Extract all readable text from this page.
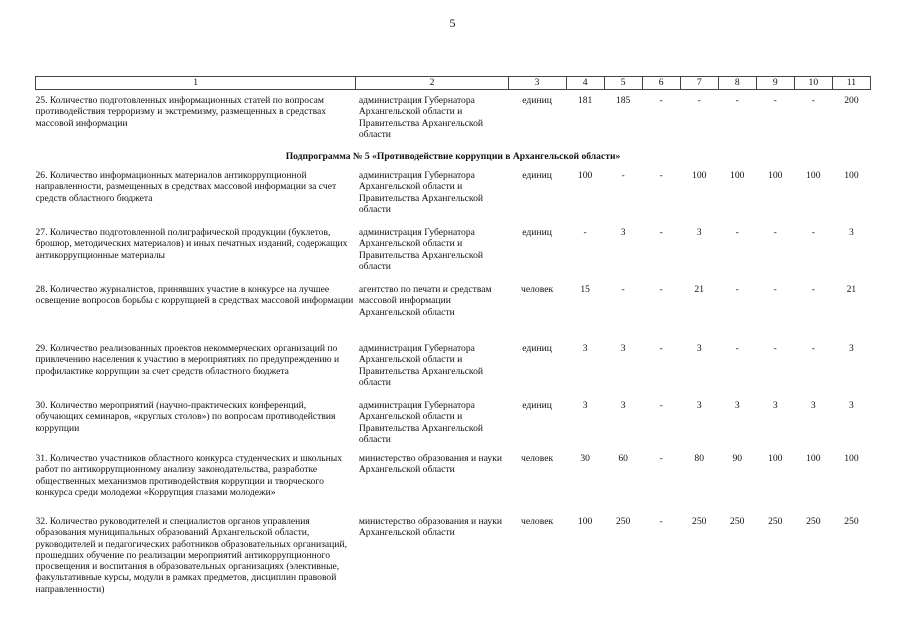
5
1	2	3	4	5	6	7	8	9	10	11
25. Количество подготовленных информационных статей по вопросам противодействия терроризму и экстремизму, размещенных в средствах массовой информации	администрация Губернатора Архангельской области и Правительства Архангельской области	единиц	181	185	-	-	-	-	-	200
Подпрограмма № 5 «Противодействие коррупции в Архангельской области»										
26. Количество информационных материалов антикоррупционной направленности, размещенных в средствах массовой информации за счет средств областного бюджета	администрация Губернатора Архангельской области и Правительства Архангельской области	единиц	100	-	-	100	100	100	100	100
27. Количество подготовленной полиграфической продукции (буклетов, брошюр, методических материалов) и иных печатных изданий, содержащих антикоррупционные материалы	администрация Губернатора Архангельской области и Правительства Архангельской области	единиц	-	3	-	3	-	-	-	3
28. Количество журналистов, принявших участие в конкурсе на лучшее освещение вопросов борьбы с коррупцией в средствах массовой информации	агентство по печати и средствам массовой информации Архангельской области	человек	15	-	-	21	-	-	-	21
29. Количество реализованных проектов некоммерческих организаций по привлечению населения к участию в мероприятиях по предупреждению и профилактике коррупции за счет средств областного бюджета	администрация Губернатора Архангельской области и Правительства Архангельской области	единиц	3	3	-	3	-	-	-	3
30. Количество мероприятий (научно-практических конференций, обучающих семинаров, «круглых столов») по вопросам противодействия коррупции	администрация Губернатора Архангельской области и Правительства Архангельской области	единиц	3	3	-	3	3	3	3	3
31. Количество участников областного конкурса студенческих и школьных работ по антикоррупционному анализу законодательства, разработке общественных механизмов противодействия коррупции и творческого конкурса среди молодежи «Коррупция глазами молодежи»	министерство образования и науки Архангельской области	человек	30	60	-	80	90	100	100	100
32. Количество руководителей и специалистов органов управления образования муниципальных образований Архангельской области, руководителей и педагогических работников образовательных организаций, прошедших обучение по реализации мероприятий антикоррупционного просвещения и воспитания в образовательных организациях (элективные, факультативные курсы, модули в рамках предметов, дисциплин правовой направленности)	министерство образования и науки Архангельской области	человек	100	250	-	250	250	250	250	250
